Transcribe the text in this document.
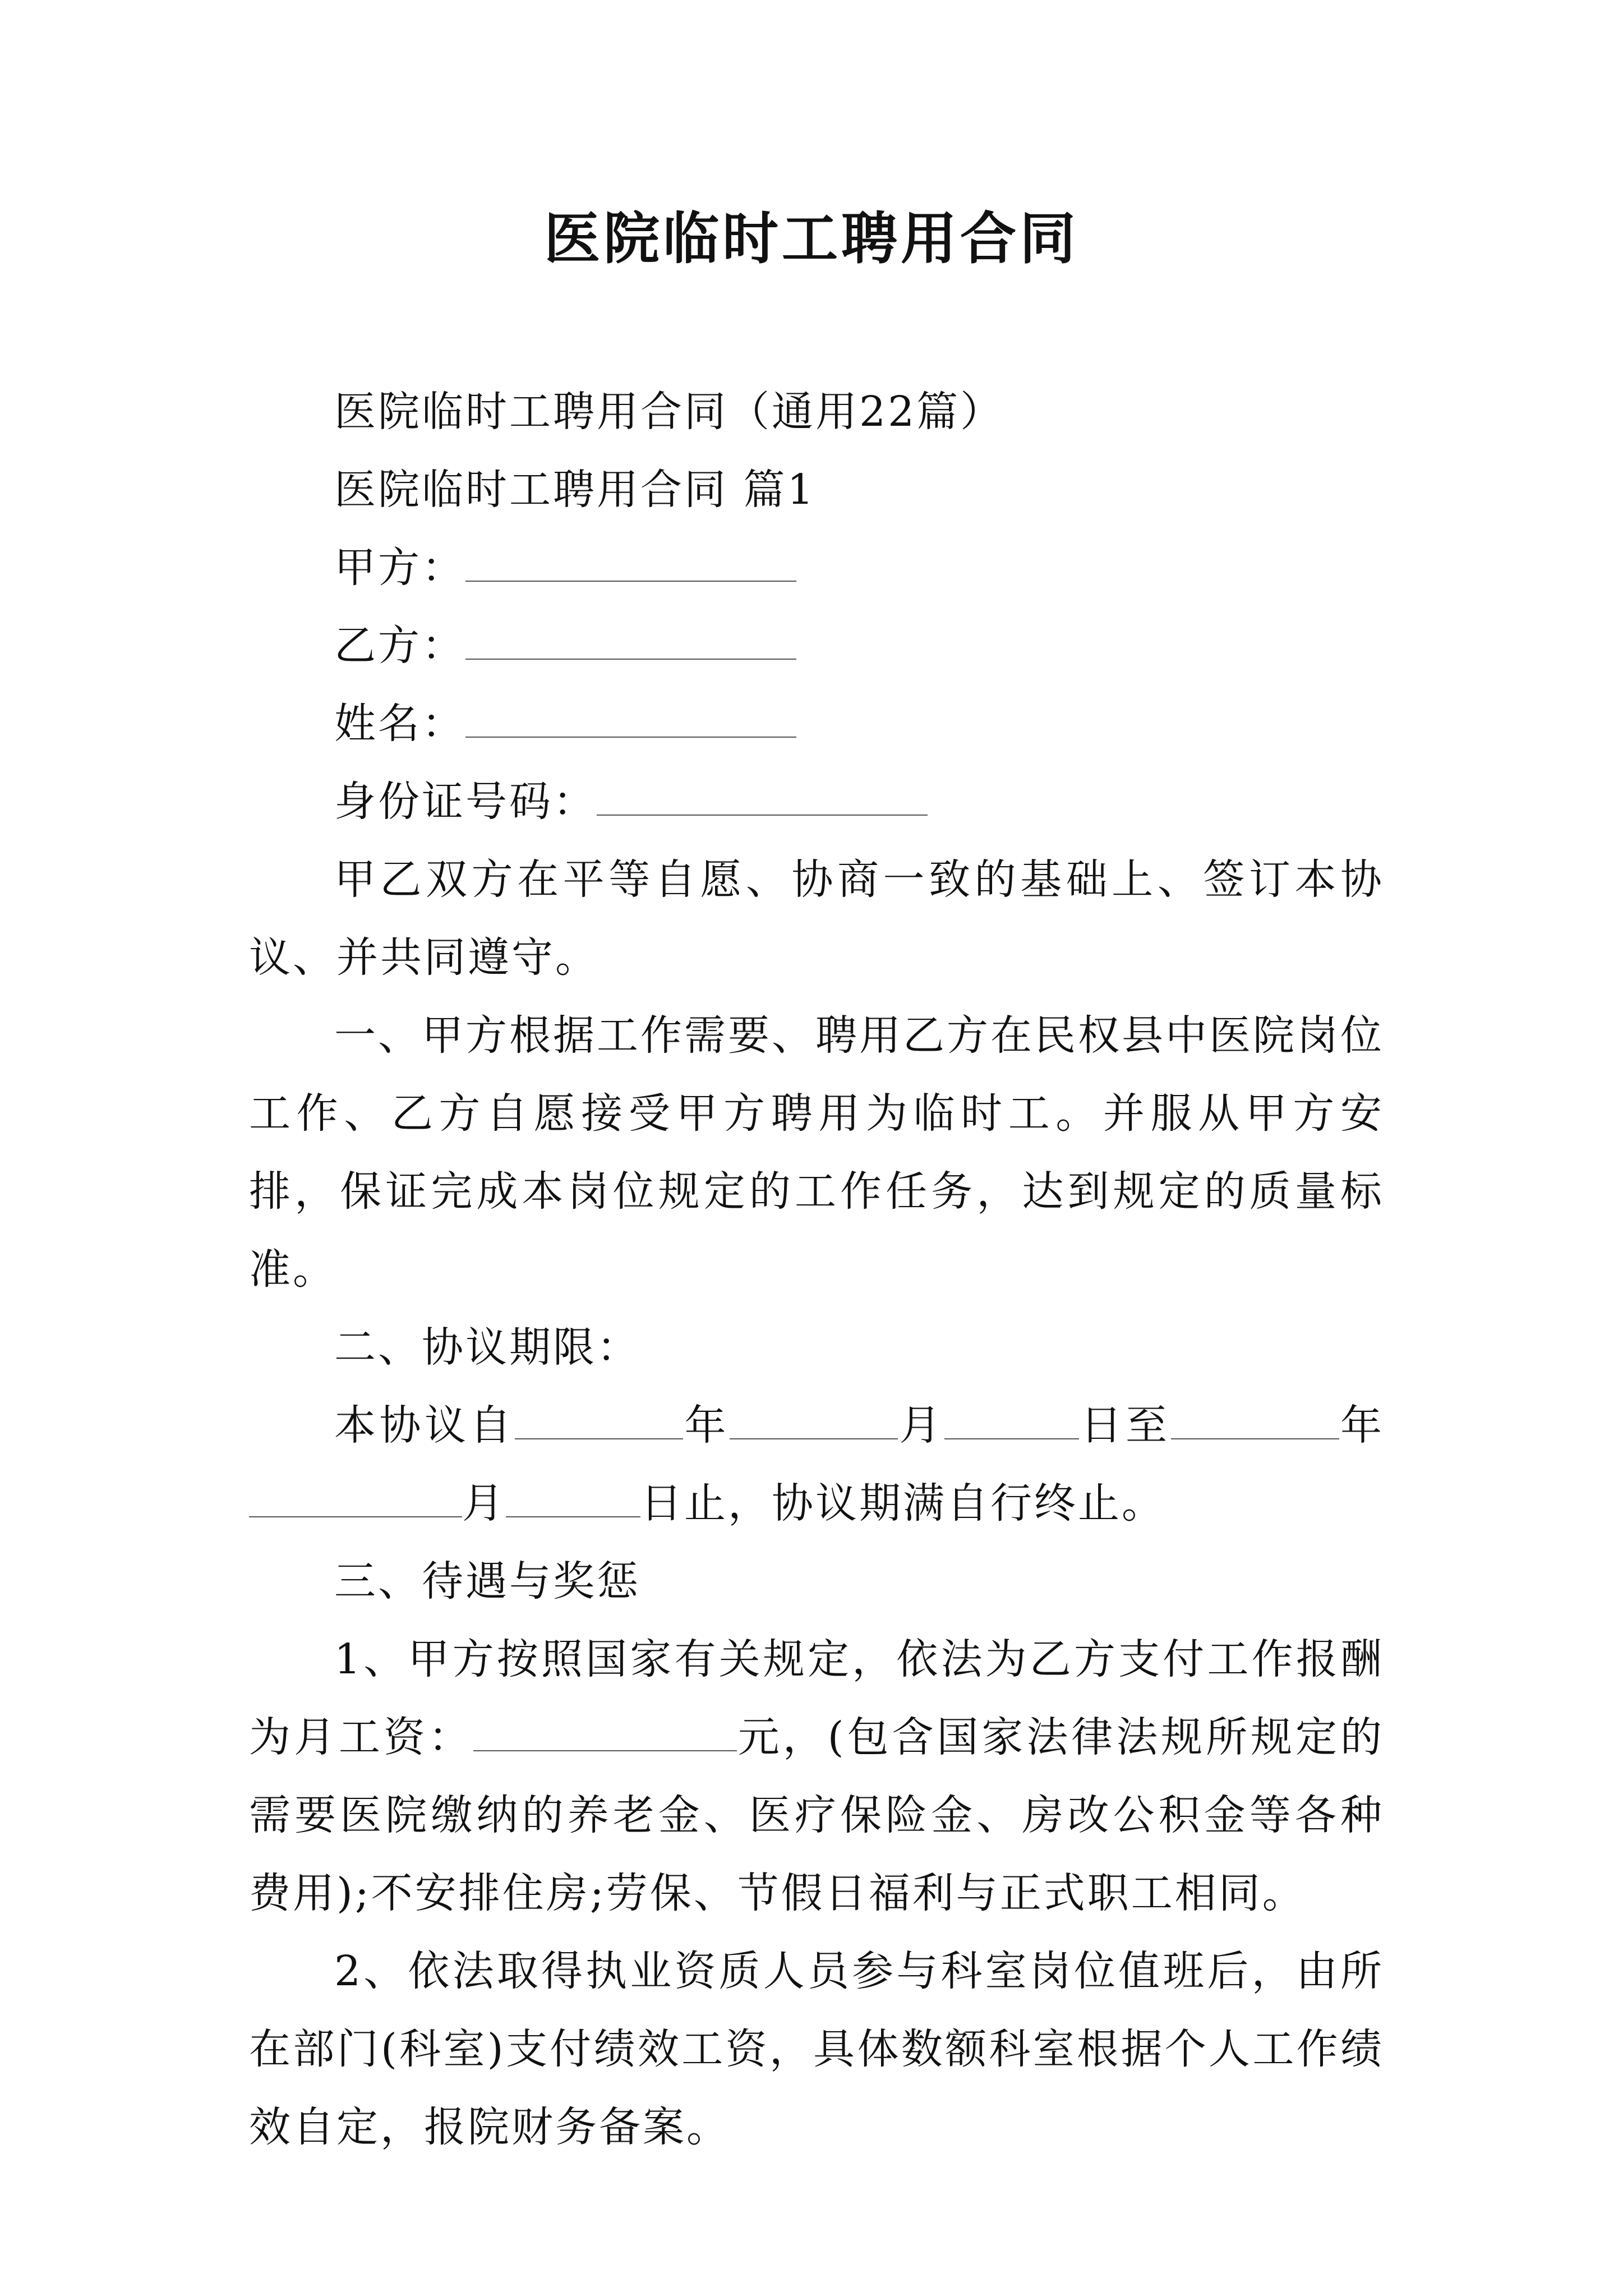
医院临时工聘用合同

医院临时工聘用合同（通用22篇）

医院临时工聘用合同 篇1

甲方：

乙方：

姓名：

身份证号码：

甲乙双方在平等自愿、协商一致的基础上、签订本协议、并共同遵守。

一、甲方根据工作需要、聘用乙方在民权县中医院岗位工作、乙方自愿接受甲方聘用为临时工。并服从甲方安排，保证完成本岗位规定的工作任务，达到规定的质量标准。

二、协议期限：

本协议自	年	月	日至	年月	日止，协议期满自行终止。

三、待遇与奖惩

1、甲方按照国家有关规定，依法为乙方支付工作报酬为月工资：	元，(包含国家法律法规所规定的需要医院缴纳的养老金、医疗保险金、房改公积金等各种费用);不安排住房;劳保、节假日福利与正式职工相同。

2、依法取得执业资质人员参与科室岗位值班后，由所在部门(科室)支付绩效工资，具体数额科室根据个人工作绩效自定，报院财务备案。
